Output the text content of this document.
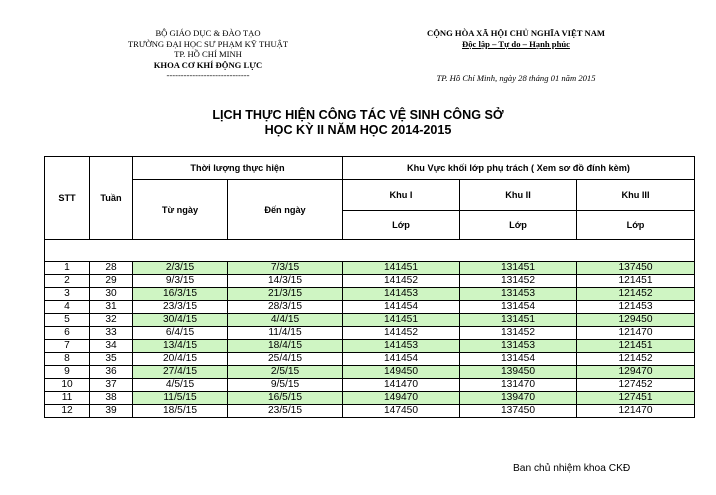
BỘ GIÁO DỤC & ĐÀO TẠO
TRƯỜNG ĐẠI HỌC SƯ PHẠM KỸ THUẬT
TP. HỒ CHÍ MINH
KHOA CƠ KHÍ ĐỘNG LỰC
-----------------------------
CỘNG HÒA XÃ HỘI CHỦ NGHĨA VIỆT NAM
Độc lập – Tự do – Hạnh phúc
TP. Hồ Chí Minh, ngày 28 tháng 01 năm 2015
LỊCH THỰC HIỆN CÔNG TÁC VỆ SINH CÔNG SỞ
HỌC KỲ II NĂM HỌC 2014-2015
STT	Tuần	Thời lượng thực hiện		Khu Vực khối lớp phụ trách ( Xem sơ đồ đính kèm)		
		Từ ngày	Đến ngày	Khu I	Khu II	Khu III
				Lớp	Lớp	Lớp

1	28	2/3/15	7/3/15	141451	131451	137450
2	29	9/3/15	14/3/15	141452	131452	121451
3	30	16/3/15	21/3/15	141453	131453	121452
4	31	23/3/15	28/3/15	141454	131454	121453
5	32	30/4/15	4/4/15	141451	131451	129450
6	33	6/4/15	11/4/15	141452	131452	121470
7	34	13/4/15	18/4/15	141453	131453	121451
8	35	20/4/15	25/4/15	141454	131454	121452
9	36	27/4/15	2/5/15	149450	139450	129470
10	37	4/5/15	9/5/15	141470	131470	127452
11	38	11/5/15	16/5/15	149470	139470	127451
12	39	18/5/15	23/5/15	147450	137450	121470
Ban chủ nhiệm khoa CKĐ
